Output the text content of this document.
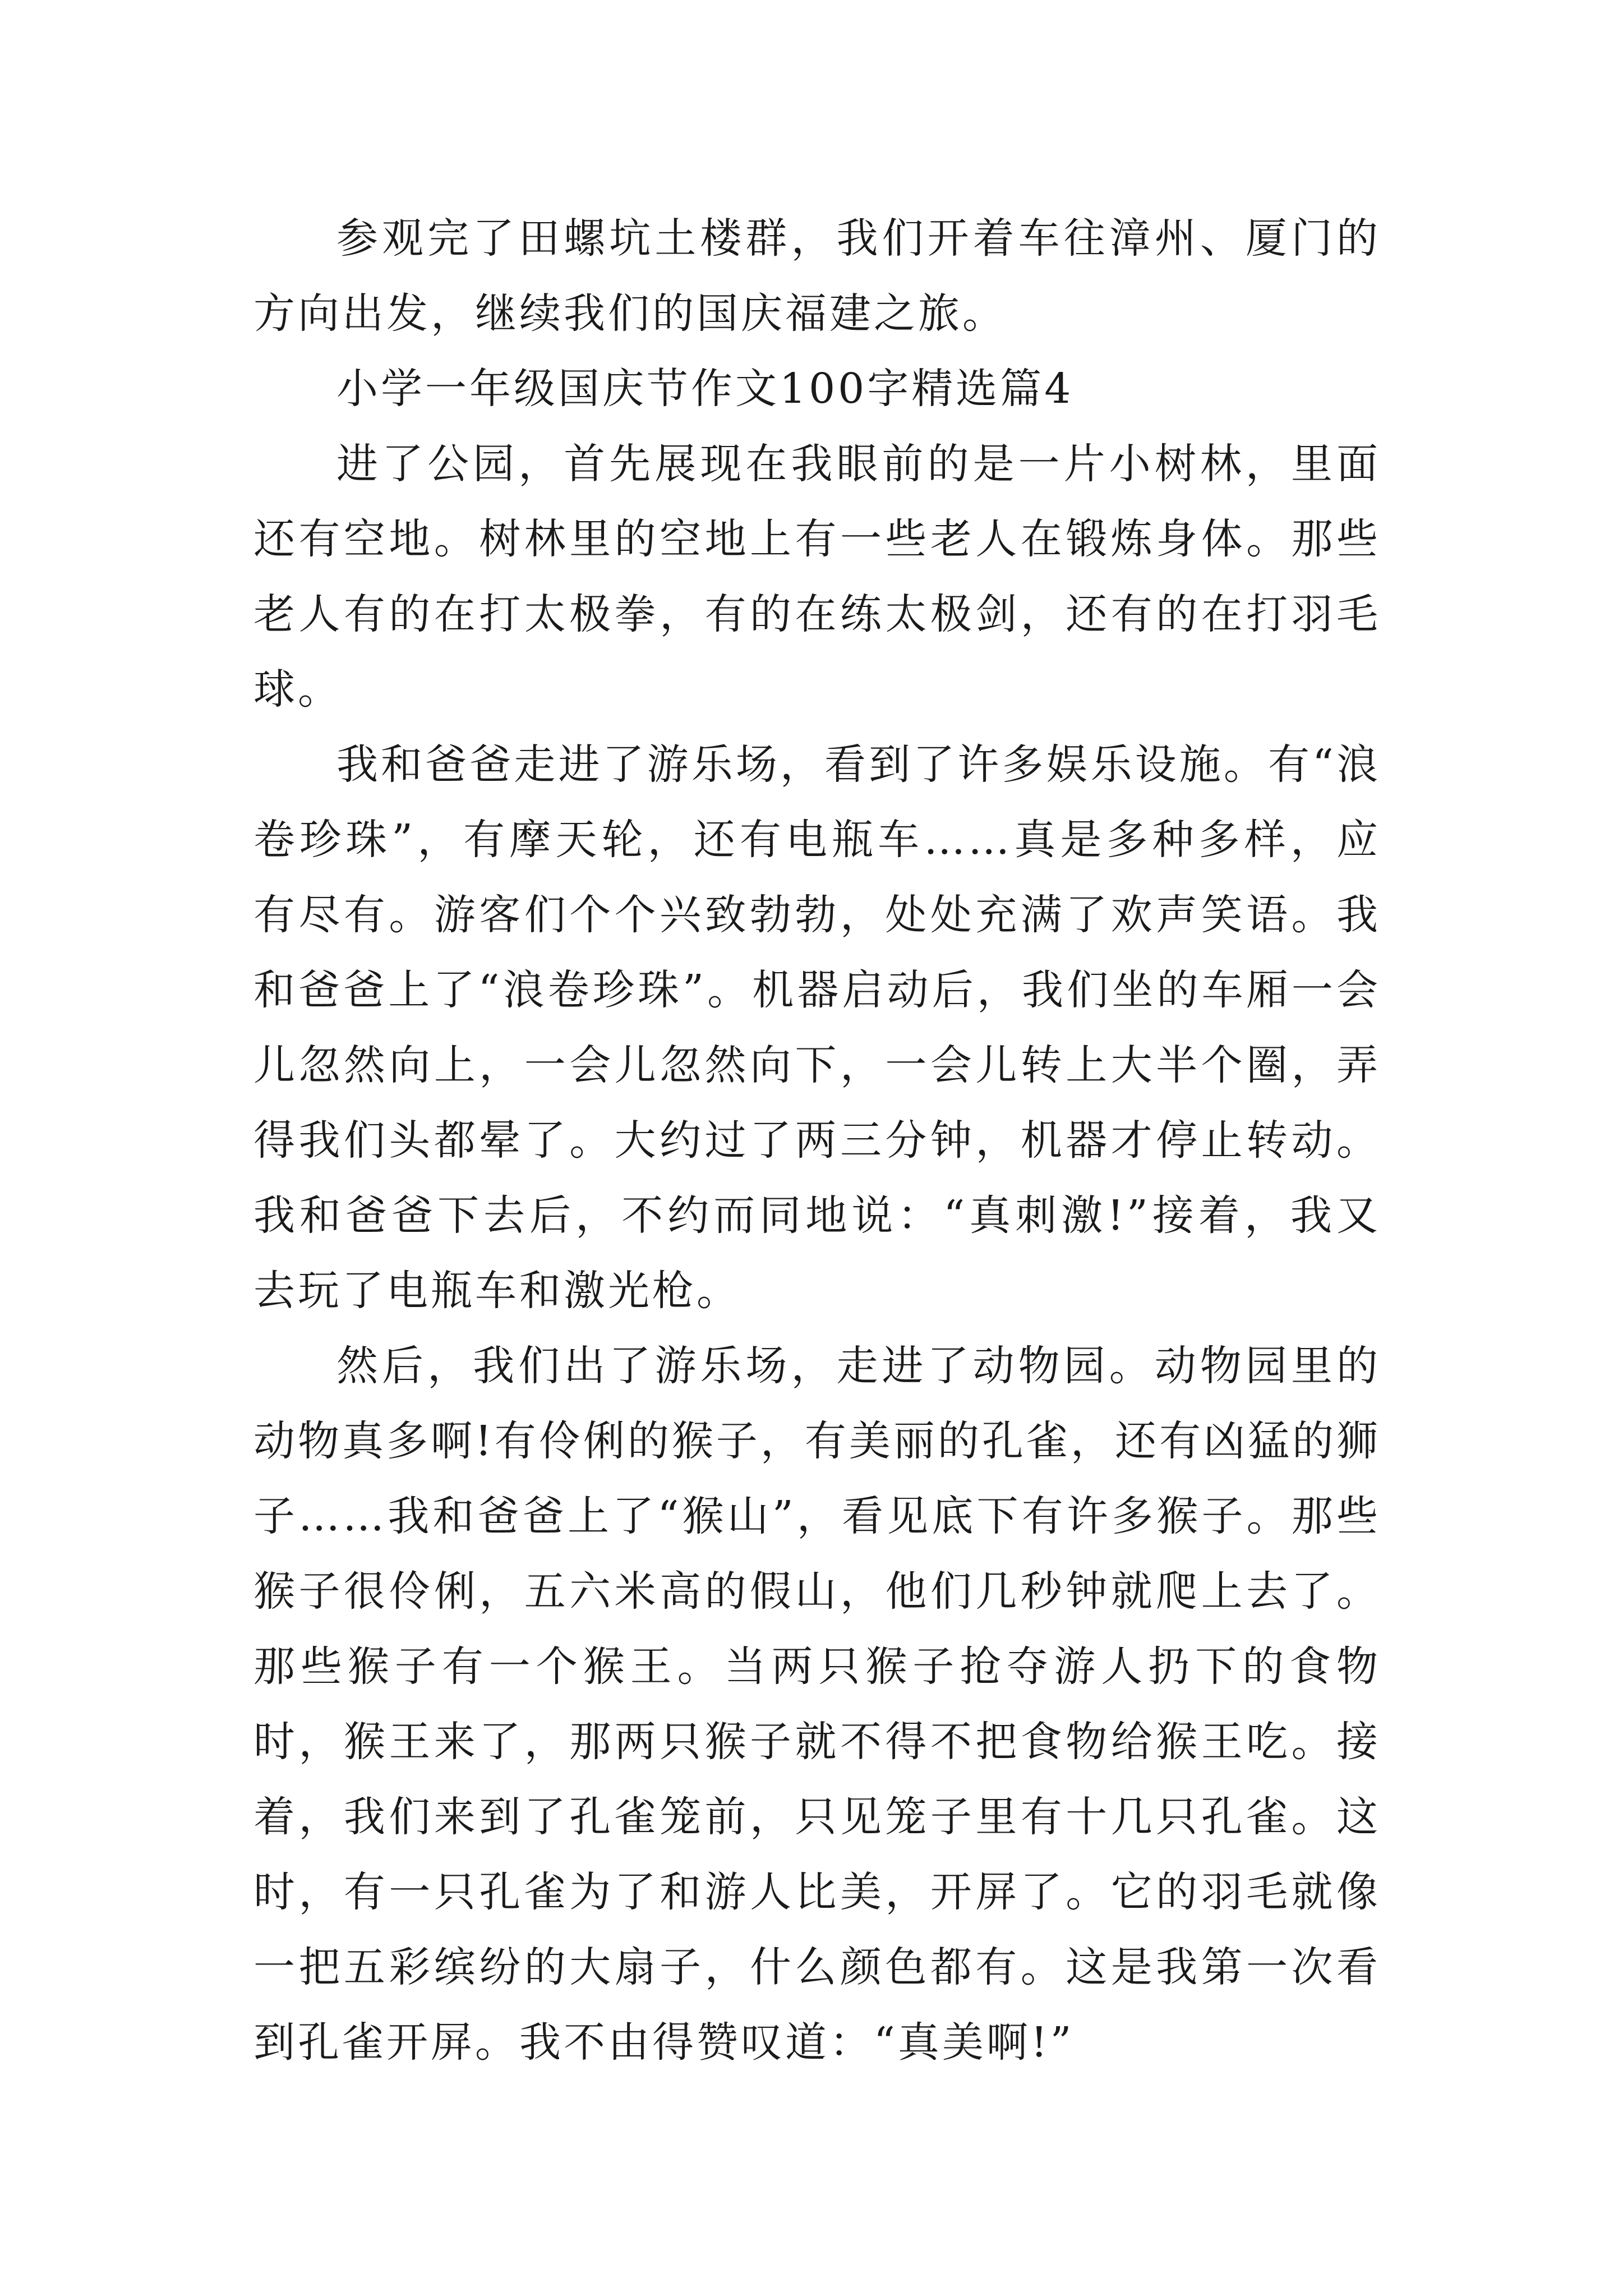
参观完了田螺坑土楼群，我们开着车往漳州、厦门的方向出发，继续我们的国庆福建之旅。

小学一年级国庆节作文100字精选篇4

进了公园，首先展现在我眼前的是一片小树林，里面还有空地。树林里的空地上有一些老人在锻炼身体。那些老人有的在打太极拳，有的在练太极剑，还有的在打羽毛球。

我和爸爸走进了游乐场，看到了许多娱乐设施。有“浪卷珍珠”，有摩天轮，还有电瓶车……真是多种多样，应有尽有。游客们个个兴致勃勃，处处充满了欢声笑语。我和爸爸上了“浪卷珍珠”。机器启动后，我们坐的车厢一会儿忽然向上，一会儿忽然向下，一会儿转上大半个圈，弄得我们头都晕了。大约过了两三分钟，机器才停止转动。我和爸爸下去后，不约而同地说：“真刺激!”接着，我又去玩了电瓶车和激光枪。

然后，我们出了游乐场，走进了动物园。动物园里的动物真多啊!有伶俐的猴子，有美丽的孔雀，还有凶猛的狮子……我和爸爸上了“猴山”，看见底下有许多猴子。那些猴子很伶俐，五六米高的假山，他们几秒钟就爬上去了。那些猴子有一个猴王。当两只猴子抢夺游人扔下的食物时，猴王来了，那两只猴子就不得不把食物给猴王吃。接着，我们来到了孔雀笼前，只见笼子里有十几只孔雀。这时，有一只孔雀为了和游人比美，开屏了。它的羽毛就像一把五彩缤纷的大扇子，什么颜色都有。这是我第一次看到孔雀开屏。我不由得赞叹道：“真美啊!”
